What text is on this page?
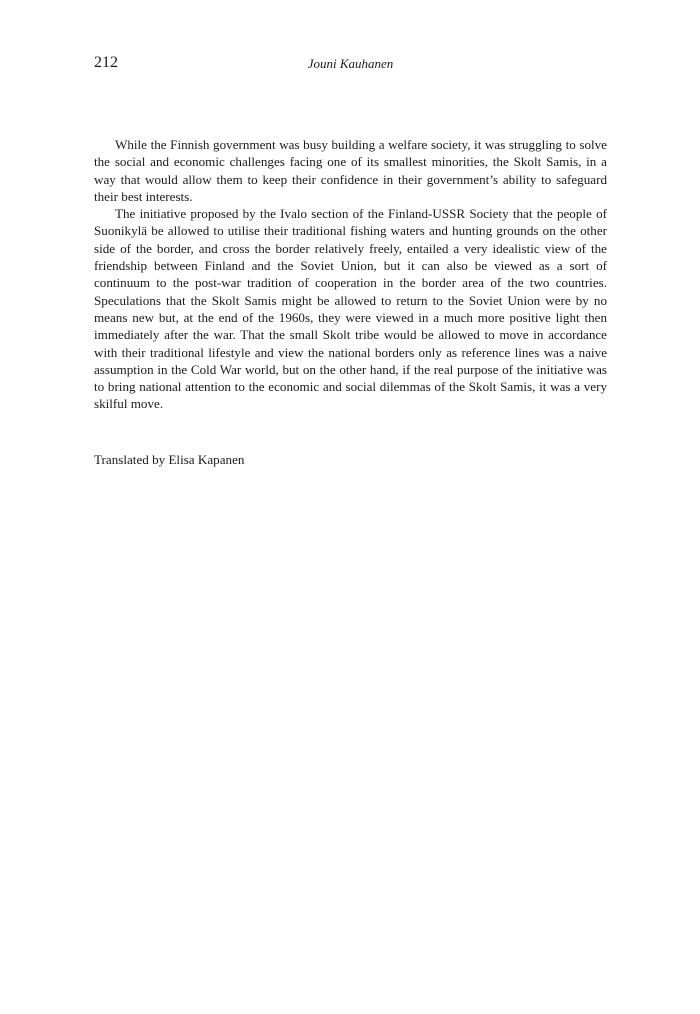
212	Jouni Kauhanen

While the Finnish government was busy building a welfare society, it was struggling to solve the social and economic challenges facing one of its smallest minorities, the Skolt Samis, in a way that would allow them to keep their confidence in their government’s ability to safeguard their best interests.

The initiative proposed by the Ivalo section of the Finland-USSR Society that the people of Suonikylä be allowed to utilise their traditional fishing waters and hunting grounds on the other side of the border, and cross the border relatively freely, entailed a very idealistic view of the friendship between Finland and the Soviet Union, but it can also be viewed as a sort of continuum to the post-war tradition of cooperation in the border area of the two countries. Speculations that the Skolt Samis might be allowed to return to the Soviet Union were by no means new but, at the end of the 1960s, they were viewed in a much more positive light then immediately after the war. That the small Skolt tribe would be allowed to move in accordance with their traditional lifestyle and view the national borders only as reference lines was a naive assumption in the Cold War world, but on the other hand, if the real purpose of the initiative was to bring national attention to the economic and social dilemmas of the Skolt Samis, it was a very skilful move.

Translated by Elisa Kapanen
